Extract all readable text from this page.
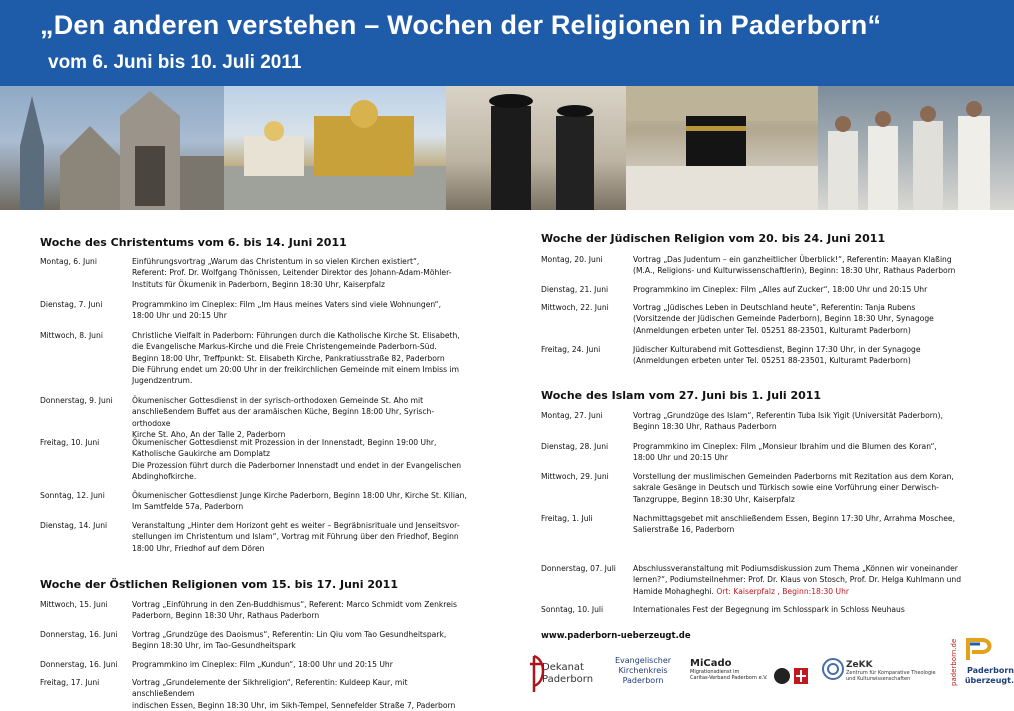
„Den anderen verstehen – Wochen der Religionen in Paderborn“
vom 6. Juni bis 10. Juli 2011
Woche des Christentums vom 6. bis 14. Juni 2011
Montag, 6. Juni	Einführungsvortrag „Warum das Christentum in so vielen Kirchen existiert“,
Referent: Prof. Dr. Wolfgang Thönissen, Leitender Direktor des Johann-Adam-Möhler-
Instituts für Ökumenik in Paderborn, Beginn 18:30 Uhr, Kaiserpfalz
Dienstag, 7. Juni	Programmkino im Cineplex: Film „Im Haus meines Vaters sind viele Wohnungen“,
18:00 Uhr und 20:15 Uhr
Mittwoch, 8. Juni	Christliche Vielfalt in Paderborn: Führungen durch die Katholische Kirche St. Elisabeth,
die Evangelische Markus-Kirche und die Freie Christengemeinde Paderborn-Süd.
Beginn 18:00 Uhr, Treffpunkt: St. Elisabeth Kirche, Pankratiusstraße 82, Paderborn
Die Führung endet um 20:00 Uhr in der freikirchlichen Gemeinde mit einem Imbiss im
Jugendzentrum.
Donnerstag, 9. Juni	Ökumenischer Gottesdienst in der syrisch-orthodoxen Gemeinde St. Aho mit
anschließendem Buffet aus der aramäischen Küche, Beginn 18:00 Uhr, Syrisch-orthodoxe
Kirche St. Aho, An der Talle 2, Paderborn
Freitag, 10. Juni	Ökumenischer Gottesdienst mit Prozession in der Innenstadt, Beginn 19:00 Uhr,
Katholische Gaukirche am Domplatz
Die Prozession führt durch die Paderborner Innenstadt und endet in der Evangelischen
Abdinghofkirche.
Sonntag, 12. Juni	Ökumenischer Gottesdienst Junge Kirche Paderborn, Beginn 18:00 Uhr, Kirche St. Kilian,
Im Samtfelde 57a, Paderborn
Dienstag, 14. Juni	Veranstaltung „Hinter dem Horizont geht es weiter – Begräbnisrituale und Jenseitsvor-
stellungen im Christentum und Islam“, Vortrag mit Führung über den Friedhof, Beginn
18:00 Uhr, Friedhof auf dem Dören
Woche der Östlichen Religionen vom 15. bis 17. Juni 2011
Mittwoch, 15. Juni	Vortrag „Einführung in den Zen-Buddhismus“, Referent: Marco Schmidt vom Zenkreis
Paderborn, Beginn 18:30 Uhr, Rathaus Paderborn
Donnerstag, 16. Juni	Vortrag „Grundzüge des Daoismus“, Referentin: Lin Qiu vom Tao Gesundheitspark,
Beginn 18:30 Uhr, im Tao-Gesundheitspark
Donnerstag, 16. Juni	Programmkino im Cineplex: Film „Kundun“, 18:00 Uhr und 20:15 Uhr
Freitag, 17. Juni	Vortrag „Grundelemente der Sikhreligion“, Referentin: Kuldeep Kaur, mit anschließendem
indischen Essen, Beginn 18:30 Uhr, im Sikh-Tempel, Sennefelder Straße 7, Paderborn
Woche der Jüdischen Religion vom 20. bis 24. Juni 2011
Montag, 20. Juni	Vortrag „Das Judentum – ein ganzheitlicher Überblick!“, Referentin: Maayan Klaßing
(M.A., Religions- und Kulturwissenschaftlerin), Beginn: 18:30 Uhr, Rathaus Paderborn
Dienstag, 21. Juni	Programmkino im Cineplex: Film „Alles auf Zucker“, 18:00 Uhr und 20:15 Uhr
Mittwoch, 22. Juni	Vortrag „Jüdisches Leben in Deutschland heute“, Referentin: Tanja Rubens
(Vorsitzende der Jüdischen Gemeinde Paderborn), Beginn 18:30 Uhr, Synagoge
(Anmeldungen erbeten unter Tel. 05251 88-23501, Kulturamt Paderborn)
Freitag, 24. Juni	Jüdischer Kulturabend mit Gottesdienst, Beginn 17:30 Uhr, in der Synagoge
(Anmeldungen erbeten unter Tel. 05251 88-23501, Kulturamt Paderborn)
Woche des Islam vom 27. Juni bis 1. Juli 2011
Montag, 27. Juni	Vortrag „Grundzüge des Islam“, Referentin Tuba Isik Yigit (Universität Paderborn),
Beginn 18:30 Uhr, Rathaus Paderborn
Dienstag, 28. Juni	Programmkino im Cineplex: Film „Monsieur Ibrahim und die Blumen des Koran“,
18:00 Uhr und 20:15 Uhr
Mittwoch, 29. Juni	Vorstellung der muslimischen Gemeinden Paderborns mit Rezitation aus dem Koran,
sakrale Gesänge in Deutsch und Türkisch sowie eine Vorführung einer Derwisch-
Tanzgruppe, Beginn 18:30 Uhr, Kaiserpfalz
Freitag, 1. Juli	Nachmittagsgebet mit anschließendem Essen, Beginn 17:30 Uhr, Arrahma Moschee,
Salierstraße 16, Paderborn
Donnerstag, 07. Juli	Abschlussveranstaltung mit Podiumsdiskussion zum Thema „Können wir voneinander
lernen?“, Podiumsteilnehmer: Prof. Dr. Klaus von Stosch, Prof. Dr. Helga Kuhlmann und
Hamide Mohagheghi. Ort: Kaiserpfalz , Beginn:18:30 Uhr
Sonntag, 10. Juli	Internationales Fest der Begegnung im Schlosspark in Schloss Neuhaus
www.paderborn-ueberzeugt.de
Dekanat Paderborn
Evangelischer
Kirchenkreis
Paderborn
MiCado
Migrationsdienst im
Caritas-Verband Paderborn e.V.
ZeKK
Zentrum für Komparative Theologie
und Kulturwissenschaften	paderborn.de	Paderborn
überzeugt.
